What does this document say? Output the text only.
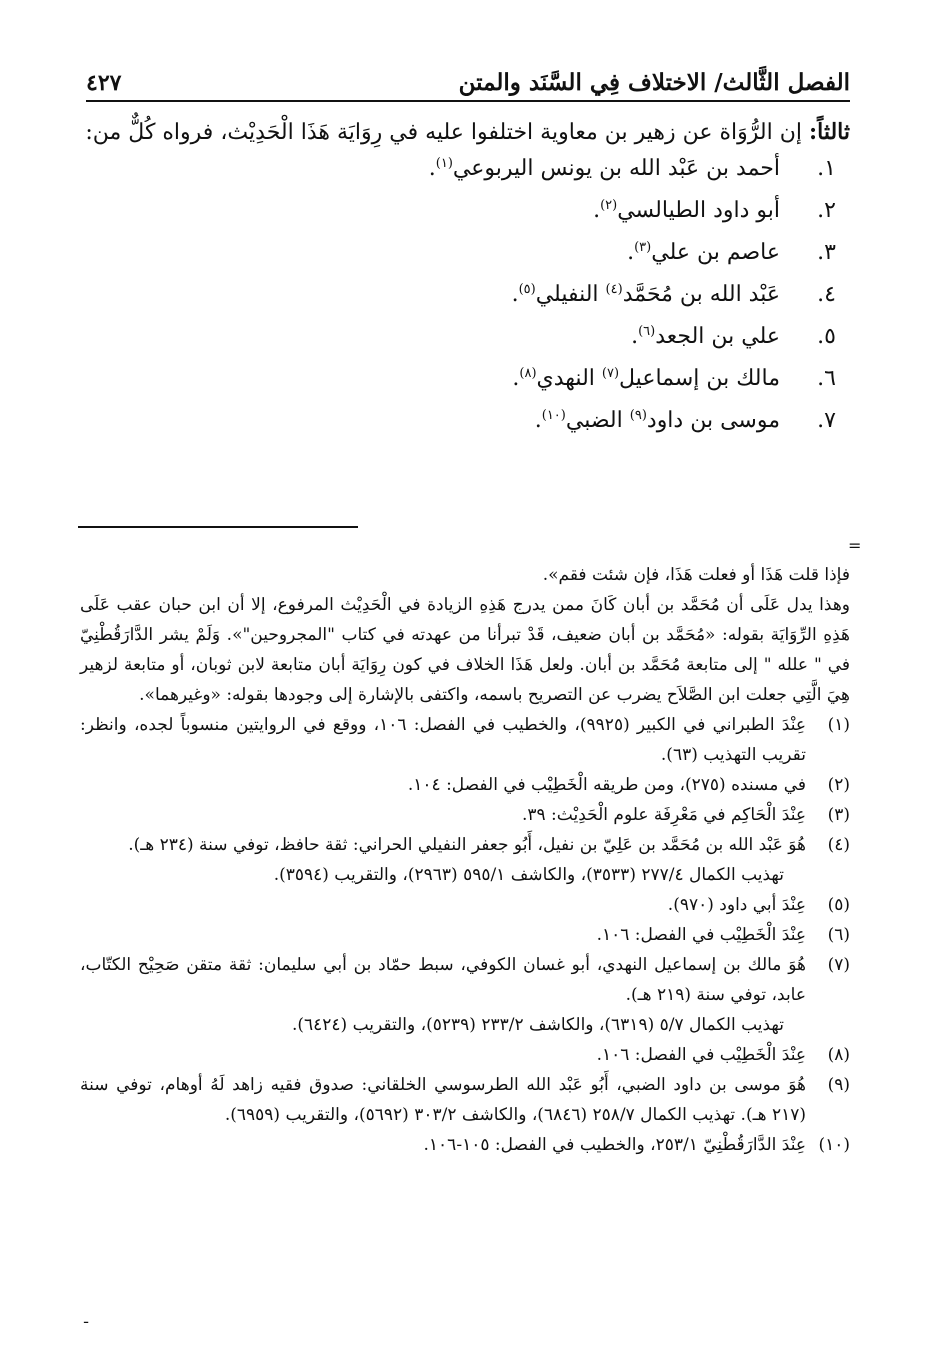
الفصل الثَّالث/ الاختلاف فِي السَّنَد والمتن
٤٢٧
ثالثاً: إن الرُّوَاة عن زهير بن معاوية اختلفوا عليه في رِوَايَة هَذَا الْحَدِيْث، فرواه كُلٌّ من:
١.
أحمد بن عَبْد الله بن يونس اليربوعي$^{(١)}$.
٢.
أبو داود الطيالسي$^{(٢)}$.
٣.
عاصم بن علي$^{(٣)}$.
٤.
عَبْد الله بن مُحَمَّد$^{(٤)}$ النفيلي$^{(٥)}$.
٥.
علي بن الجعد$^{(٦)}$.
٦.
مالك بن إسماعيل$^{(٧)}$ النهدي$^{(٨)}$.
٧.
موسى بن داود$^{(٩)}$ الضبي$^{(١٠)}$.
=

فإذا قلت هَذَا أو فعلت هَذَا، فإن شئت فقم».

وهذا يدل عَلَى أن مُحَمَّد بن أبان كَانَ ممن يدرج هَذِهِ الزيادة في الْحَدِيْث المرفوع، إلا أن ابن حبان عقب عَلَى هَذِهِ الرِّوَايَة بقوله: «مُحَمَّد بن أبان ضعيف، قَدْ تبرأنا من عهدته في كتاب "المجروحين"». وَلَمْ يشر الدَّارَقُطْنِيّ في " علله " إلى متابعة مُحَمَّد بن أبان. ولعل هَذَا الخلاف في كون رِوَايَة أبان متابعة لابن ثوبان، أو متابعة لزهير هِيَ الَّتِي جعلت ابن الصَّلاَح يضرب عن التصريح باسمه، واكتفى بالإشارة إلى وجودها بقوله: «وغيرهما».

(١)

عِنْدَ الطبراني في الكبير (٩٩٢٥)، والخطيب في الفصل: ١٠٦، ووقع في الروايتين منسوباً لجده، وانظر: تقريب التهذيب (٦٣).

(٢)

في مسنده (٢٧٥)، ومن طريقه الْخَطِيْب في الفصل: ١٠٤.

(٣)

عِنْدَ الْحَاكِم في مَعْرِفَة علوم الْحَدِيْث: ٣٩.

(٤)

هُوَ عَبْد الله بن مُحَمَّد بن عَلِيّ بن نفيل، أَبُو جعفر النفيلي الحراني: ثقة حافظ، توفي سنة (٢٣٤ هـ).

تهذيب الكمال ٢٧٧/٤ (٣٥٣٣)، والكاشف ٥٩٥/١ (٢٩٦٣)، والتقريب (٣٥٩٤).

(٥)

عِنْدَ أبي داود (٩٧٠).

(٦)

عِنْدَ الْخَطِيْب في الفصل: ١٠٦.

(٧)

هُوَ مالك بن إسماعيل النهدي، أبو غسان الكوفي، سبط حمّاد بن أبي سليمان: ثقة متقن صَحِيْح الكتّاب، عابد، توفي سنة (٢١٩ هـ).

تهذيب الكمال ٥/٧ (٦٣١٩)، والكاشف ٢٣٣/٢ (٥٢٣٩)، والتقريب (٦٤٢٤).

(٨)

عِنْدَ الْخَطِيْب في الفصل: ١٠٦.

(٩)

هُوَ موسى بن داود الضبي، أَبُو عَبْد الله الطرسوسي الخلقاني: صدوق فقيه زاهد لَهُ أوهام، توفي سنة (٢١٧ هـ). تهذيب الكمال ٢٥٨/٧ (٦٨٤٦)، والكاشف ٣٠٣/٢ (٥٦٩٢)، والتقريب (٦٩٥٩).

(١٠)

عِنْدَ الدَّارَقُطْنِيّ ٢٥٣/١، والخطيب في الفصل: ١٠٥-١٠٦.

ـ
